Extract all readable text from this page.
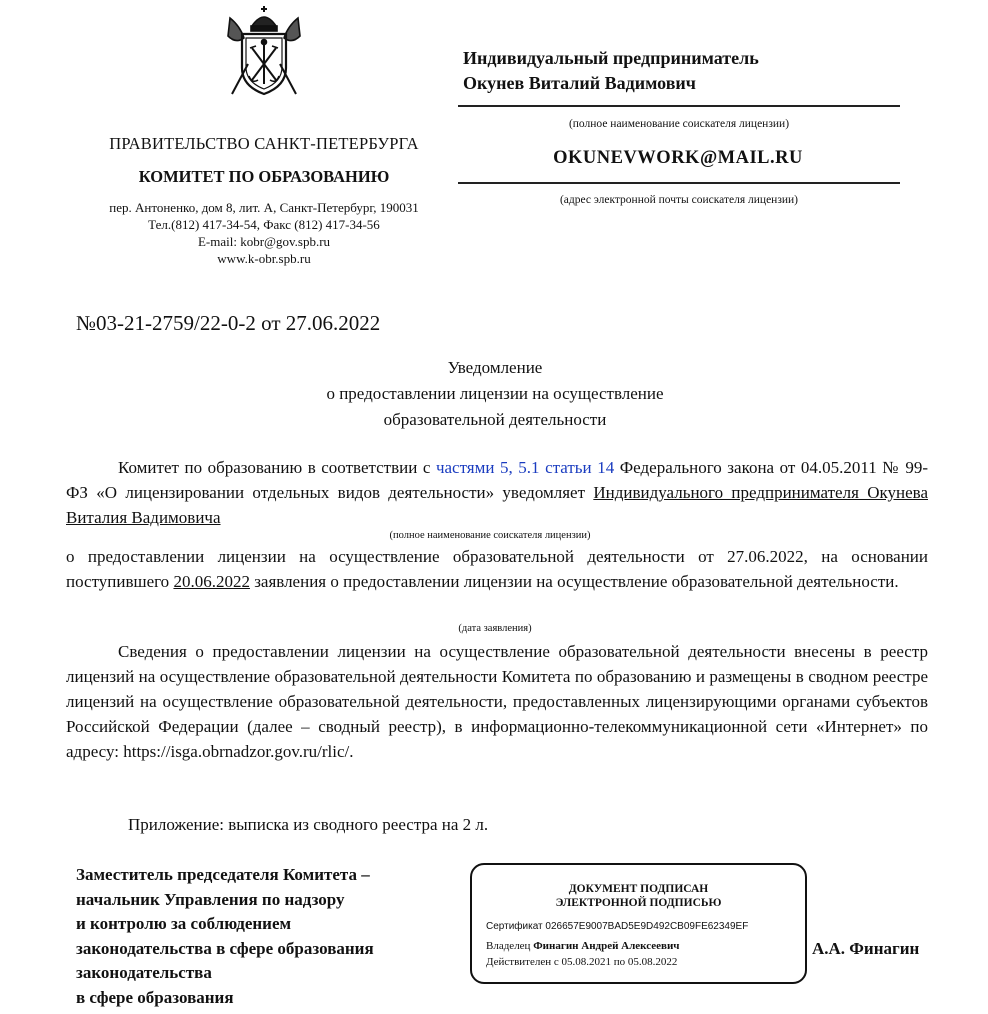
ПРАВИТЕЛЬСТВО САНКТ-ПЕТЕРБУРГА
КОМИТЕТ ПО ОБРАЗОВАНИЮ
пер. Антоненко, дом 8, лит. А, Санкт-Петербург, 190031
Тел.(812) 417-34-54, Факс (812) 417-34-56
E-mail: kobr@gov.spb.ru
www.k-obr.spb.ru
Индивидуальный предприниматель
Окунев Виталий Вадимович
(полное наименование соискателя лицензии)
OKUNEVWORK@MAIL.RU
(адрес электронной почты соискателя лицензии)
№03-21-2759/22-0-2 от 27.06.2022
Уведомление
о предоставлении лицензии на осуществление
образовательной деятельности
Комитет по образованию в соответствии с частями 5, 5.1 статьи 14 Федерального закона от 04.05.2011 № 99-ФЗ «О лицензировании отдельных видов деятельности» уведомляет Индивидуального предпринимателя Окунева Виталия Вадимовича
(полное наименование соискателя лицензии)
о предоставлении лицензии на осуществление образовательной деятельности от 27.06.2022, на основании поступившего 20.06.2022 заявления о предоставлении лицензии на осуществление образовательной деятельности.
(дата заявления)
Сведения о предоставлении лицензии на осуществление образовательной деятельности внесены в реестр лицензий на осуществление образовательной деятельности Комитета по образованию и размещены в сводном реестре лицензий на осуществление образовательной деятельности, предоставленных лицензирующими органами субъектов Российской Федерации (далее – сводный реестр), в информационно-телекоммуникационной сети «Интернет» по адресу: https://isga.obrnadzor.gov.ru/rlic/.
Приложение: выписка из сводного реестра на 2 л.
Заместитель председателя Комитета –
начальник Управления по надзору
и контролю за соблюдением
законодательства в сфере образования
законодательства
в сфере образования
ДОКУМЕНТ ПОДПИСАН
ЭЛЕКТРОННОЙ ПОДПИСЬЮ
Сертификат 026657E9007BAD5E9D492CB09FE62349EF
Владелец Финагин Андрей Алексеевич
Действителен с 05.08.2021 по 05.08.2022
А.А. Финагин
